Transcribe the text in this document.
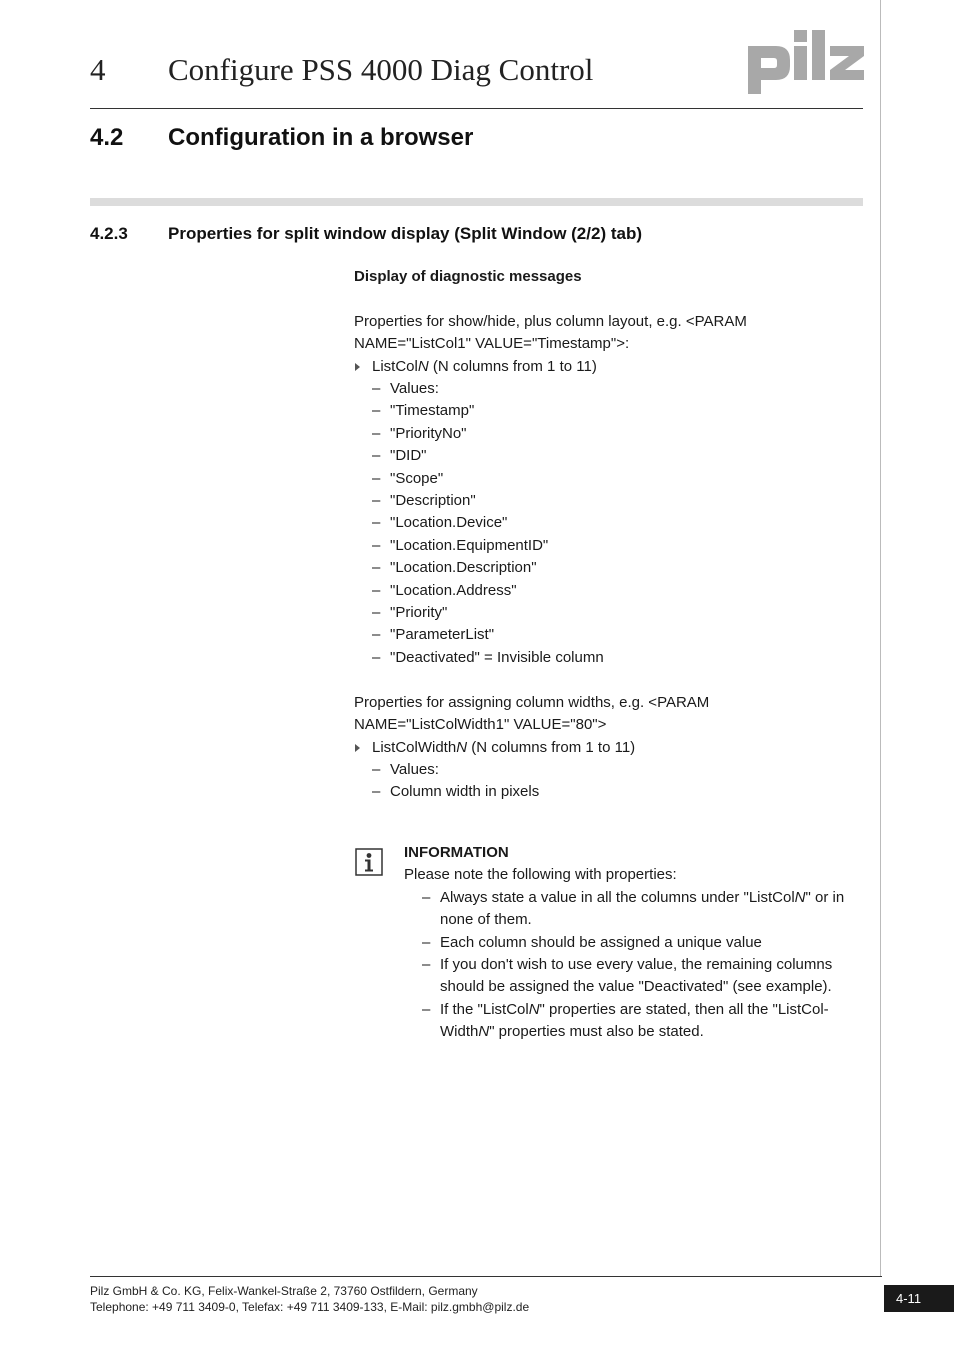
4 Configure PSS 4000 Diag Control
4.2 Configuration in a browser
4.2.3 Properties for split window display (Split Window (2/2) tab)

Display of diagnostic messages

Properties for show/hide, plus column layout, e.g. <PARAM

NAME="ListCol1" VALUE="Timestamp">:

ListColN (N columns from 1 to 11)

– Values:

– "Timestamp"

– "PriorityNo"

– "DID"

– "Scope"

– "Description"

– "Location.Device"

– "Location.EquipmentID"

– "Location.Description"

– "Location.Address"

– "Priority"

– "ParameterList"

– "Deactivated" = Invisible column

Properties for assigning column widths, e.g. <PARAM

NAME="ListColWidth1" VALUE="80">

ListColWidthN (N columns from 1 to 11)

– Values:

– Column width in pixels

INFORMATION

Please note the following with properties:

– Always state a value in all the columns under "ListColN" or in none of them.

– Each column should be assigned a unique value

– If you don't wish to use every value, the remaining columns should be assigned the value "Deactivated" (see example).

– If the "ListColN" properties are stated, then all the "ListCol-WidthN" properties must also be stated.

Pilz GmbH & Co. KG, Felix-Wankel-Straße 2, 73760 Ostfildern, Germany
Telephone: +49 711 3409-0, Telefax: +49 711 3409-133, E-Mail: pilz.gmbh@pilz.de
4-11
